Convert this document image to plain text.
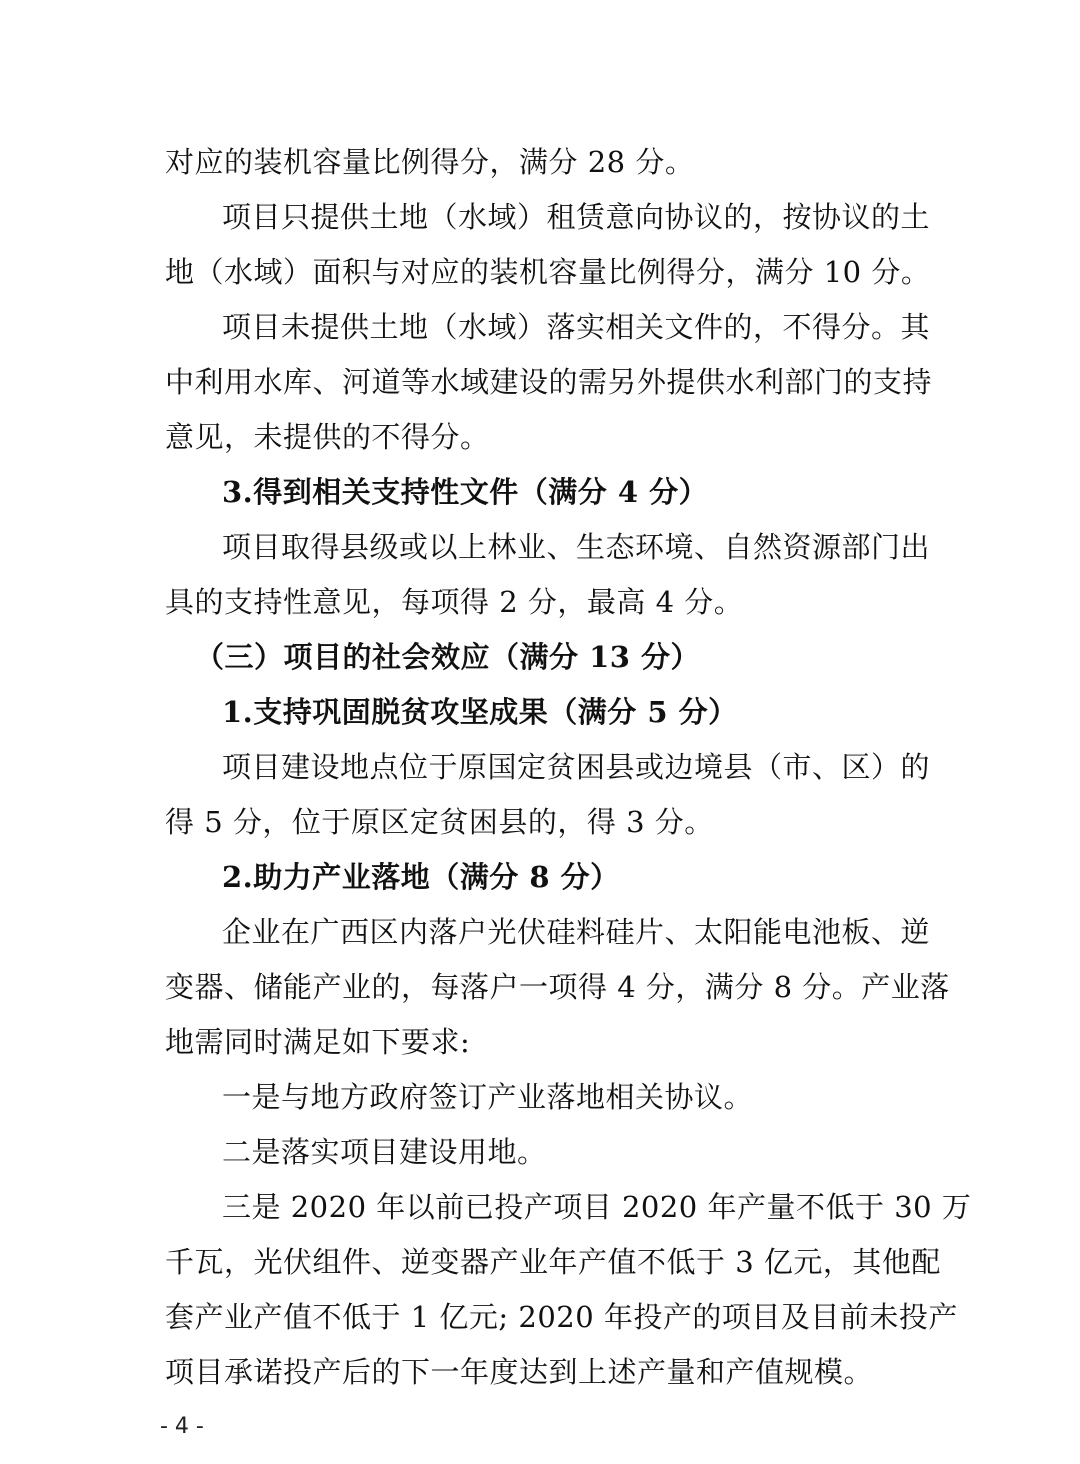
对应的装机容量比例得分，满分 28 分。
项目只提供土地（水域）租赁意向协议的，按协议的土
地（水域）面积与对应的装机容量比例得分，满分 10 分。
项目未提供土地（水域）落实相关文件的，不得分。其
中利用水库、河道等水域建设的需另外提供水利部门的支持
意见，未提供的不得分。
3.得到相关支持性文件（满分 4 分）
项目取得县级或以上林业、生态环境、自然资源部门出
具的支持性意见，每项得 2 分，最高 4 分。
（三）项目的社会效应（满分 13 分）
1.支持巩固脱贫攻坚成果（满分 5 分）
项目建设地点位于原国定贫困县或边境县（市、区）的
得 5 分，位于原区定贫困县的，得 3 分。
2.助力产业落地（满分 8 分）
企业在广西区内落户光伏硅料硅片、太阳能电池板、逆
变器、储能产业的，每落户一项得 4 分，满分 8 分。产业落
地需同时满足如下要求:
一是与地方政府签订产业落地相关协议。
二是落实项目建设用地。
三是 2020 年以前已投产项目 2020 年产量不低于 30 万
千瓦，光伏组件、逆变器产业年产值不低于 3 亿元，其他配
套产业产值不低于 1 亿元; 2020 年投产的项目及目前未投产
项目承诺投产后的下一年度达到上述产量和产值规模。
- 4 -
